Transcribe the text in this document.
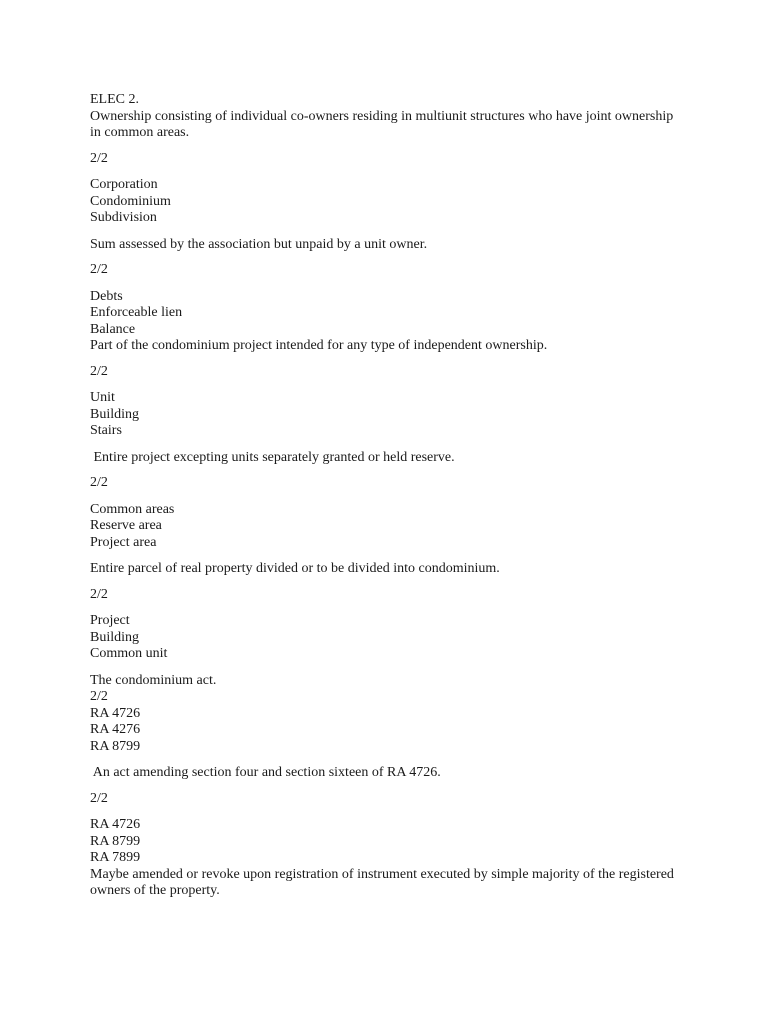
ELEC 2.

Ownership consisting of individual co-owners residing in multiunit structures who have joint ownership in common areas.

2/2

Corporation

Condominium

Subdivision

Sum assessed by the association but unpaid by a unit owner.

2/2

Debts

Enforceable lien

Balance

Part of the condominium project intended for any type of independent ownership.

2/2

Unit

Building

Stairs

Entire project excepting units separately granted or held reserve.

2/2

Common areas

Reserve area

Project area

Entire parcel of real property divided or to be divided into condominium.

2/2

Project

Building

Common unit

The condominium act.

2/2

RA 4726

RA 4276

RA 8799

An act amending section four and section sixteen of RA 4726.

2/2

RA 4726

RA 8799

RA 7899

Maybe amended or revoke upon registration of instrument executed by simple majority of the registered owners of the property.
